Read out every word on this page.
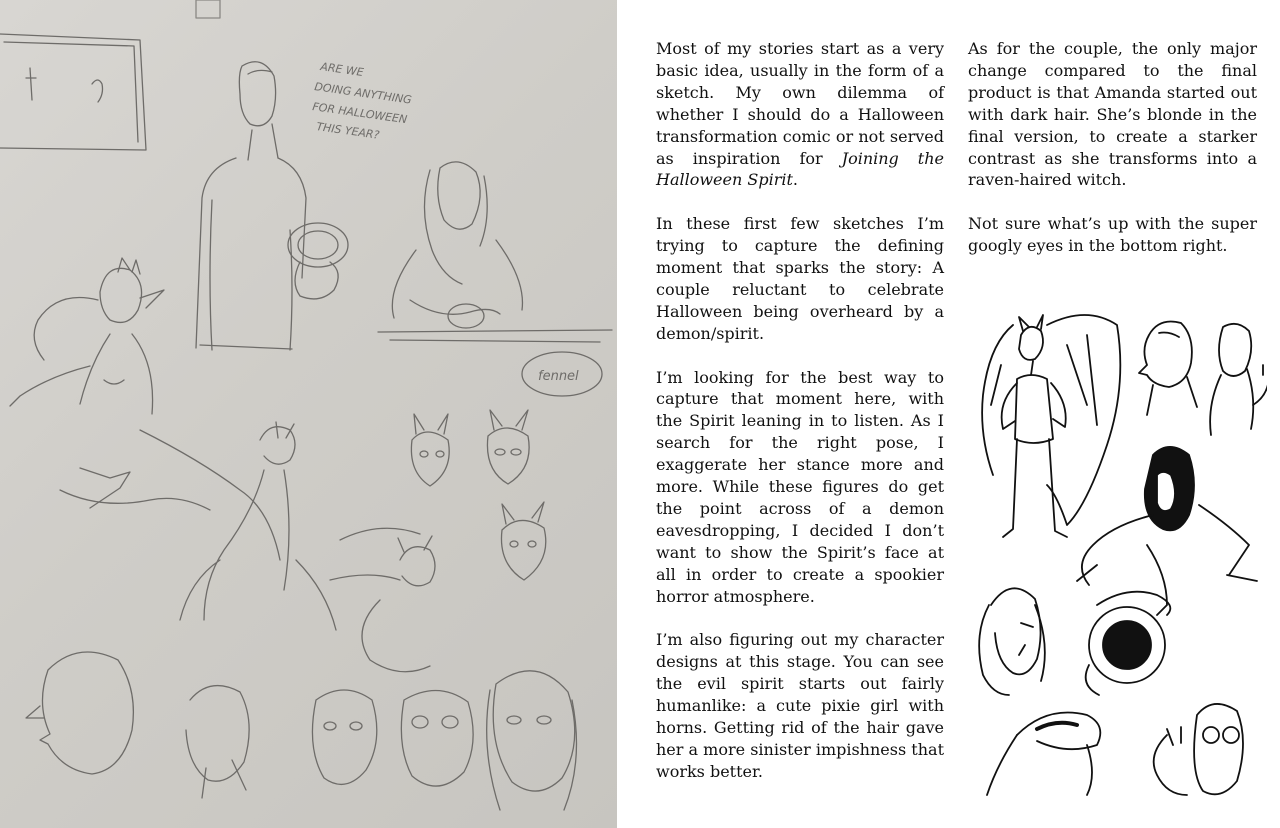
ARE WE
DOING ANYTHING
FOR HALLOWEEN
THIS YEAR?
fennel

Most of my stories start as a very basic idea, usually in the form of a sketch. My own dilemma of whether I should do a Halloween transformation comic or not served as inspiration for Joining the Halloween Spirit.

In these first few sketches I’m trying to capture the defining moment that sparks the story: A couple reluctant to celebrate Halloween being overheard by a demon/spirit.

I’m looking for the best way to capture that moment here, with the Spirit leaning in to listen. As I search for the right pose, I exaggerate her stance more and more. While these figures do get the point across of a demon eavesdropping, I decided I don’t want to show the Spirit’s face at all in order to create a spookier horror atmosphere.

I’m also figuring out my character designs at this stage. You can see the evil spirit starts out fairly humanlike: a cute pixie girl with horns. Getting rid of the hair gave her a more sinister impishness that works better.

As for the couple, the only major change compared to the final product is that Amanda started out with dark hair. She’s blonde in the final version, to create a starker contrast as she transforms into a raven-haired witch.

Not sure what’s up with the super googly eyes in the bottom right.
